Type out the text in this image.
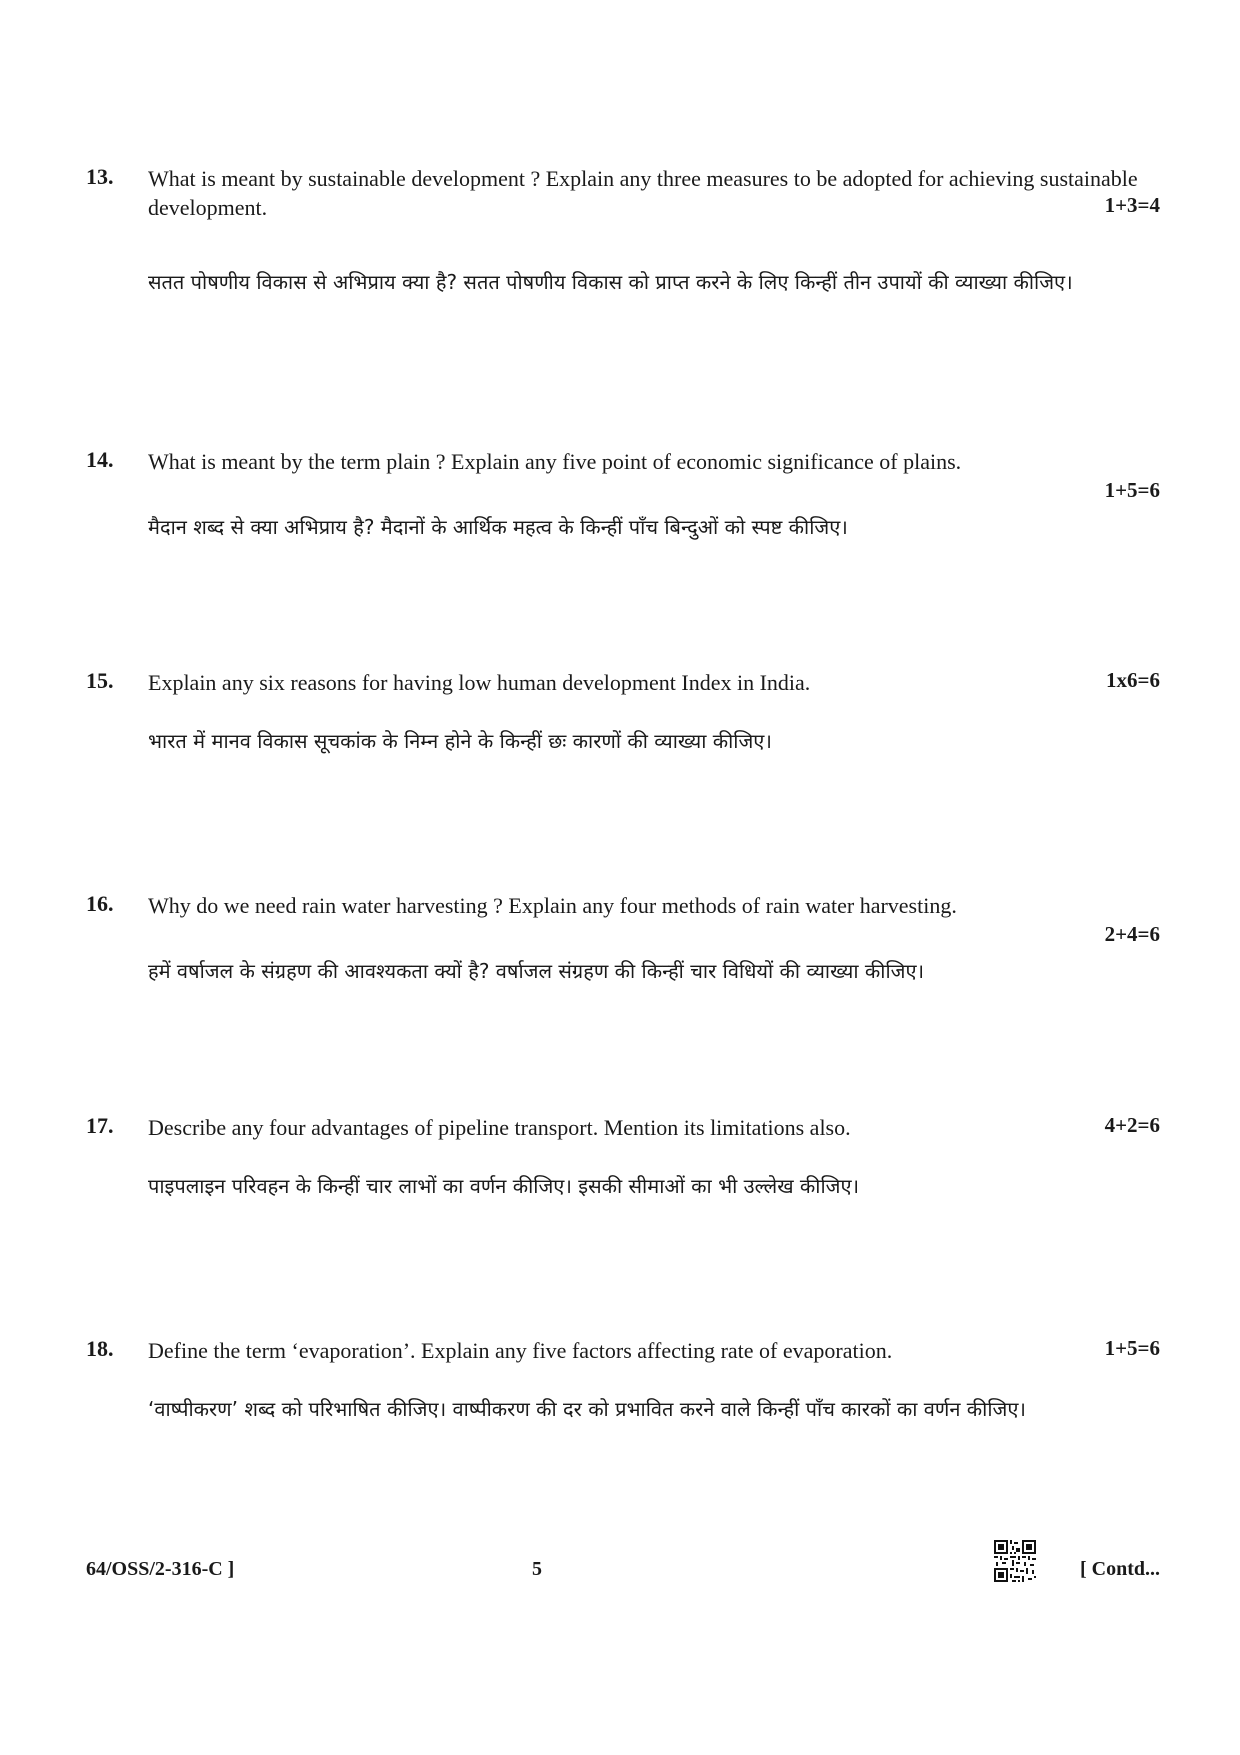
13. What is meant by sustainable development ? Explain any three measures to be adopted for achieving sustainable development.	1+3=4
सतत पोषणीय विकास से अभिप्राय क्या है? सतत पोषणीय विकास को प्राप्त करने के लिए किन्हीं तीन उपायों की व्याख्या कीजिए।
14. What is meant by the term plain ? Explain any five point of economic significance of plains.
1+5=6
मैदान शब्द से क्या अभिप्राय है? मैदानों के आर्थिक महत्व के किन्हीं पाँच बिन्दुओं को स्पष्ट कीजिए।
15. Explain any six reasons for having low human development Index in India.	1x6=6
भारत में मानव विकास सूचकांक के निम्न होने के किन्हीं छः कारणों की व्याख्या कीजिए।
16. Why do we need rain water harvesting ? Explain any four methods of rain water harvesting.
2+4=6
हमें वर्षाजल के संग्रहण की आवश्यकता क्यों है? वर्षाजल संग्रहण की किन्हीं चार विधियों की व्याख्या कीजिए।
17. Describe any four advantages of pipeline transport. Mention its limitations also.	4+2=6
पाइपलाइन परिवहन के किन्हीं चार लाभों का वर्णन कीजिए। इसकी सीमाओं का भी उल्लेख कीजिए।
18. Define the term ‘evaporation’. Explain any five factors affecting rate of evaporation.	1+5=6
‘वाष्पीकरण’ शब्द को परिभाषित कीजिए। वाष्पीकरण की दर को प्रभावित करने वाले किन्हीं पाँच कारकों का वर्णन कीजिए।
64/OSS/2-316-C ]	5	[ Contd...
